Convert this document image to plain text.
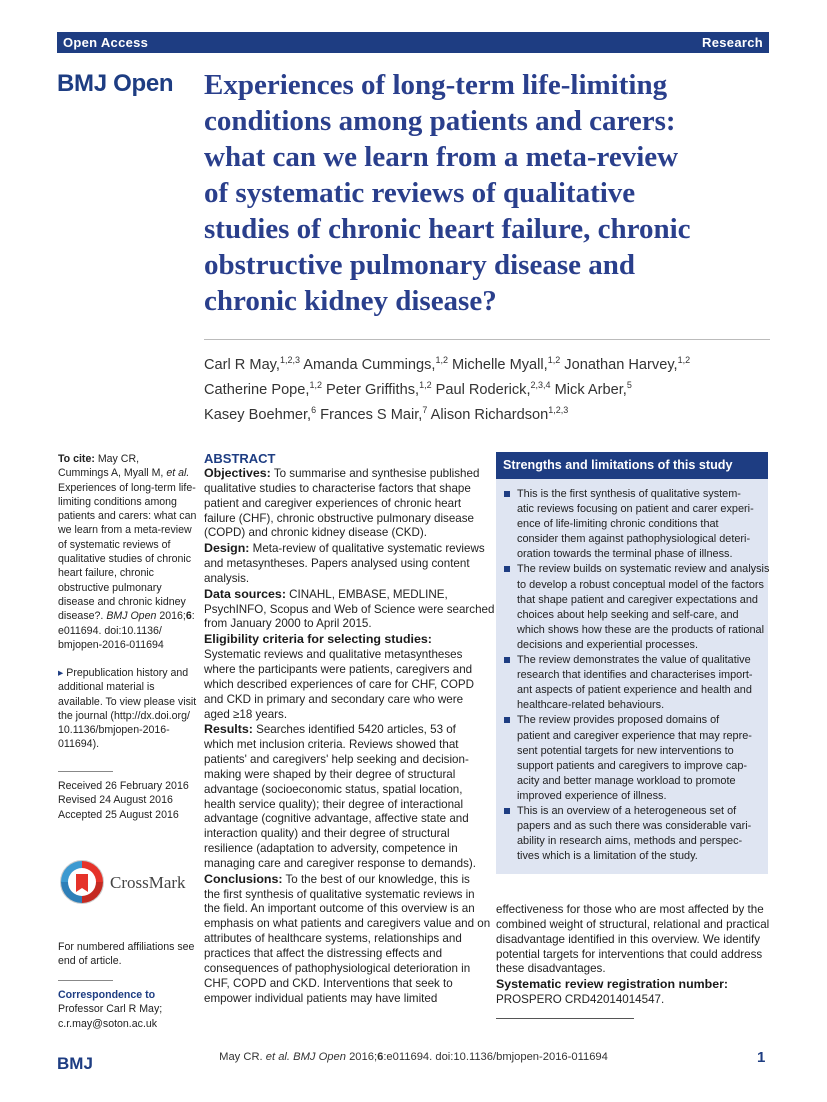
Open Access	Research
BMJ Open Experiences of long-term life-limiting
conditions among patients and carers:
what can we learn from a meta-review
of systematic reviews of qualitative
studies of chronic heart failure, chronic
obstructive pulmonary disease and
chronic kidney disease?
Carl R May,$^{1,2,3}$ Amanda Cummings,$^{1,2}$ Michelle Myall,$^{1,2}$ Jonathan Harvey,$^{1,2}$
Catherine Pope,$^{1,2}$ Peter Griffiths,$^{1,2}$ Paul Roderick,$^{2,3,4}$ Mick Arber,$^5$
Kasey Boehmer,$^6$ Frances S Mair,$^7$ Alison Richardson$^{1,2,3}$
To cite: May CR,
Cummings A, Myall M, et al.
Experiences of long-term life-
limiting conditions among
patients and carers: what can
we learn from a meta-review
of systematic reviews of
qualitative studies of chronic
heart failure, chronic
obstructive pulmonary
disease and chronic kidney
disease?. BMJ Open 2016;6:
e011694. doi:10.1136/
bmjopen-2016-011694
▸ Prepublication history and
additional material is
available. To view please visit
the journal (http://dx.doi.org/
10.1136/bmjopen-2016-
011694).
Received 26 February 2016
Revised 24 August 2016
Accepted 25 August 2016
CrossMark
For numbered affiliations see
end of article.
Correspondence to
Professor Carl R May;
c.r.may@soton.ac.uk
ABSTRACT
Objectives: To summarise and synthesise published
qualitative studies to characterise factors that shape
patient and caregiver experiences of chronic heart
failure (CHF), chronic obstructive pulmonary disease
(COPD) and chronic kidney disease (CKD).
Design: Meta-review of qualitative systematic reviews
and metasyntheses. Papers analysed using content
analysis.
Data sources: CINAHL, EMBASE, MEDLINE,
PsychINFO, Scopus and Web of Science were searched
from January 2000 to April 2015.
Eligibility criteria for selecting studies:
Systematic reviews and qualitative metasyntheses
where the participants were patients, caregivers and
which described experiences of care for CHF, COPD
and CKD in primary and secondary care who were
aged ≥18 years.
Results: Searches identified 5420 articles, 53 of
which met inclusion criteria. Reviews showed that
patients' and caregivers' help seeking and decision-
making were shaped by their degree of structural
advantage (socioeconomic status, spatial location,
health service quality); their degree of interactional
advantage (cognitive advantage, affective state and
interaction quality) and their degree of structural
resilience (adaptation to adversity, competence in
managing care and caregiver response to demands).
Conclusions: To the best of our knowledge, this is
the first synthesis of qualitative systematic reviews in
the field. An important outcome of this overview is an
emphasis on what patients and caregivers value and on
attributes of healthcare systems, relationships and
practices that affect the distressing effects and
consequences of pathophysiological deterioration in
CHF, COPD and CKD. Interventions that seek to
empower individual patients may have limited
Strengths and limitations of this study
This is the first synthesis of qualitative system-
atic reviews focusing on patient and carer experi-
ence of life-limiting chronic conditions that
consider them against pathophysiological deteri-
oration towards the terminal phase of illness.
The review builds on systematic review and analysis
to develop a robust conceptual model of the factors
that shape patient and caregiver expectations and
choices about help seeking and self-care, and
which shows how these are the products of rational
decisions and experiential processes.
The review demonstrates the value of qualitative
research that identifies and characterises import-
ant aspects of patient experience and health and
healthcare-related behaviours.
The review provides proposed domains of
patient and caregiver experience that may repre-
sent potential targets for new interventions to
support patients and caregivers to improve cap-
acity and better manage workload to promote
improved experience of illness.
This is an overview of a heterogeneous set of
papers and as such there was considerable vari-
ability in research aims, methods and perspec-
tives which is a limitation of the study.
effectiveness for those who are most affected by the
combined weight of structural, relational and practical
disadvantage identified in this overview. We identify
potential targets for interventions that could address
these disadvantages.
Systematic review registration number:
PROSPERO CRD42014014547.
BMJ	May CR. et al. BMJ Open 2016;6:e011694. doi:10.1136/bmjopen-2016-011694	1
